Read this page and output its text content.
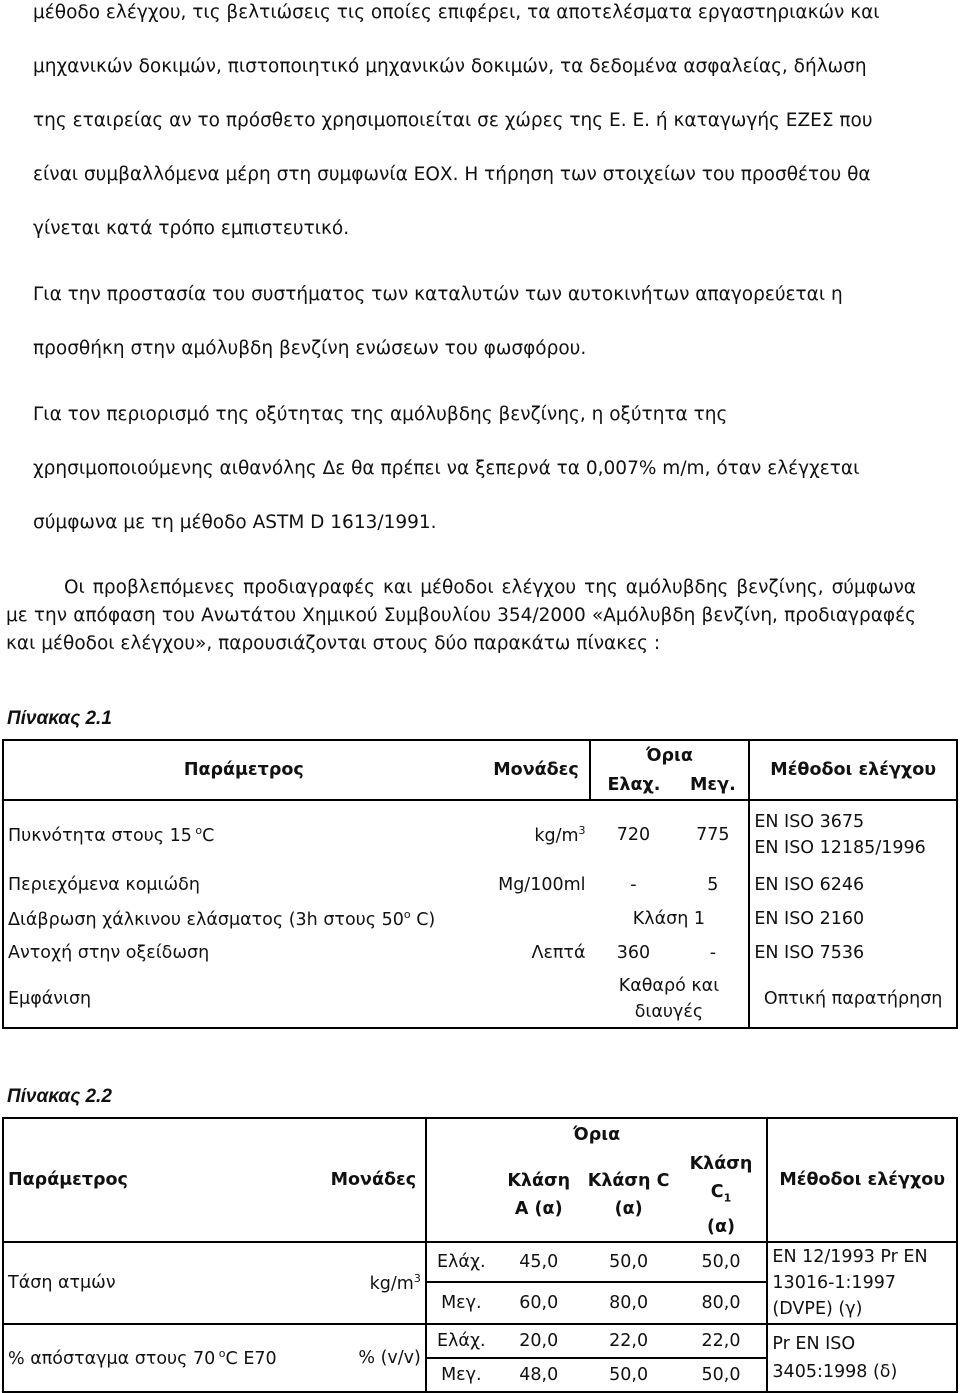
μέθοδο ελέγχου, τις βελτιώσεις τις οποίες επιφέρει, τα αποτελέσματα εργαστηριακών και
μηχανικών δοκιμών, πιστοποιητικό μηχανικών δοκιμών, τα δεδομένα ασφαλείας, δήλωση
της εταιρείας αν το πρόσθετο χρησιμοποιείται σε χώρες της Ε. Ε. ή καταγωγής ΕΖΕΣ που
είναι συμβαλλόμενα μέρη στη συμφωνία ΕΟΧ. Η τήρηση των στοιχείων του προσθέτου θα
γίνεται κατά τρόπο εμπιστευτικό.
Για την προστασία του συστήματος των καταλυτών των αυτοκινήτων απαγορεύεται η
προσθήκη στην αμόλυβδη βενζίνη ενώσεων του φωσφόρου.
Για τον περιορισμό της οξύτητας της αμόλυβδης βενζίνης, η οξύτητα της
χρησιμοποιούμενης αιθανόλης Δε θα πρέπει να ξεπερνά τα 0,007% m/m, όταν ελέγχεται
σύμφωνα με τη μέθοδο ASTM D 1613/1991.

Οι προβλεπόμενες προδιαγραφές και μέθοδοι ελέγχου της αμόλυβδης βενζίνης, σύμφωνα με την απόφαση του Ανωτάτου Χημικού Συμβουλίου 354/2000 «Αμόλυβδη βενζίνη, προδιαγραφές και μέθοδοι ελέγχου», παρουσιάζονται στους δύο παρακάτω πίνακες :

Πίνακας 2.1
Παράμετρος	Μονάδες	Όρια		Μέθοδοι ελέγχου
		Ελαχ.	Μεγ.	
Πυκνότητα στους 15 $^o$C	$kg/m^3$	720	775	EN ISO 3675
EN ISO 12185/1996

Περιεχόμενα κομιώδη	Mg/100ml	-	5	EN ISO 6246
Διάβρωση χάλκινου ελάσματος (3h στους 50$^o$ C)		Κλάση 1		EN ISO 2160
Αντοχή στην οξείδωση	Λεπτά	360	-	EN ISO 7536
Εμφάνιση		Καθαρό και διαυγές		Οπτική παρατήρηση
Πίνακας 2.2
Παράμετρος	Μονάδες	Όρια				Μέθοδοι ελέγχου
			Κλάση A (α)	Κλάση C (α)	Κλάση $C_1$
(α)	
Τάση ατμών	$kg/m^3$	Ελάχ.	45,0	50,0	50,0	EN 12/1993 Pr EN 13016-1:1997 (DVPE) (γ)
		Μεγ.	60,0	80,0	80,0	
% απόσταγμα στους 70 $^o$C E70	% (v/v)	Ελάχ.	20,0	22,0	22,0	Pr EN ISO 3405:1998 (δ)
		Μεγ.	48,0	50,0	50,0	
